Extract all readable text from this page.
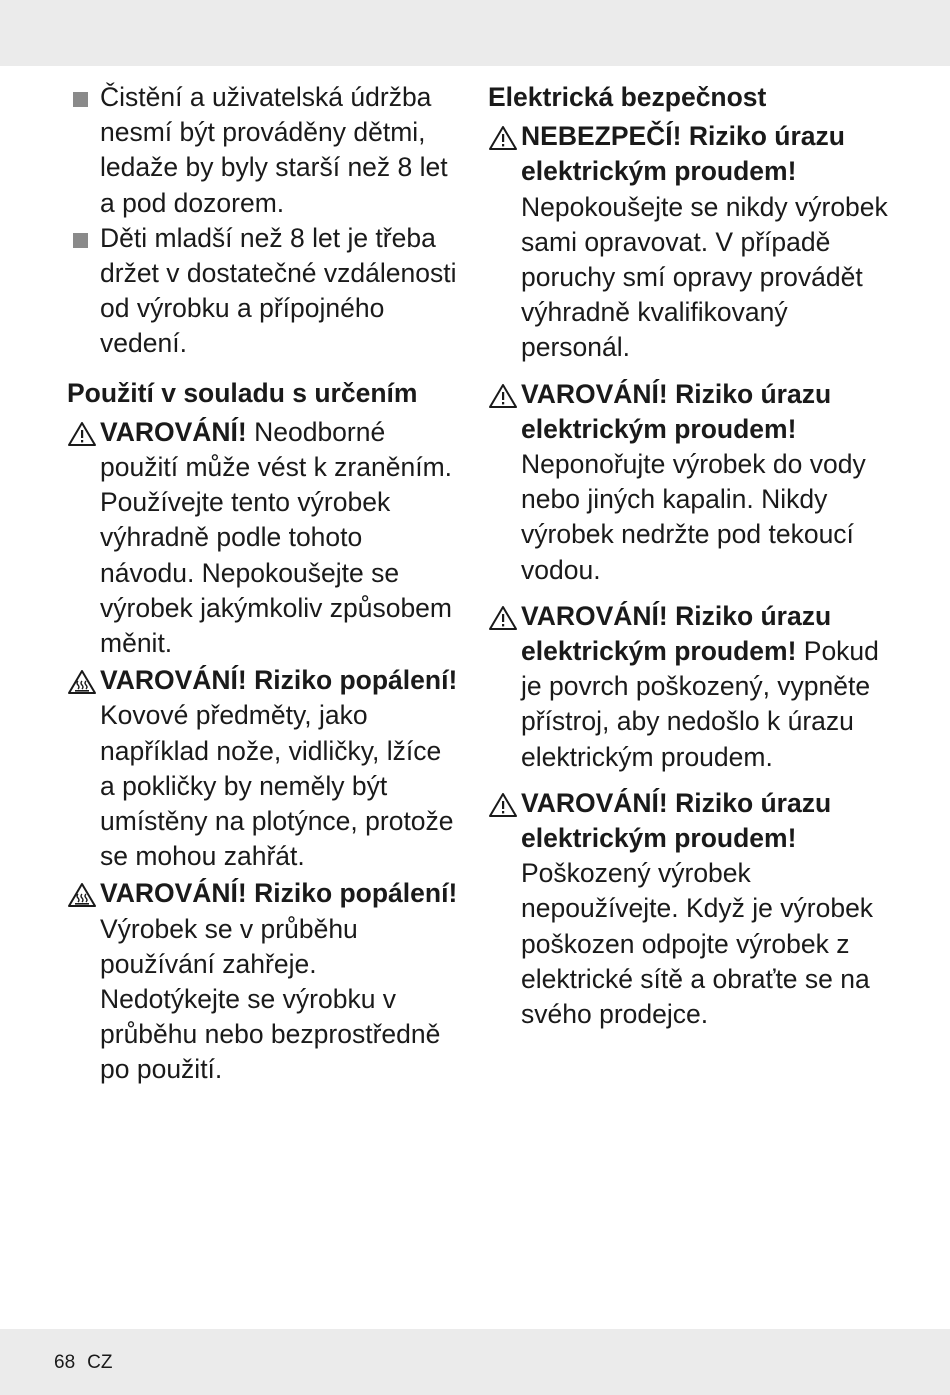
Čistění a uživatelská údržba nesmí být prováděny dětmi, ledaže by byly starší než 8 let a pod dozorem.
Děti mladší než 8 let je třeba držet v dostatečné vzdálenosti od výrobku a přípojného vedení.
Použití v souladu s určením
VAROVÁNÍ! Neodborné použití může vést k zraněním. Používejte tento výrobek výhradně podle tohoto návodu. Nepokoušejte se výrobek jakýmkoliv způsobem měnit.
VAROVÁNÍ! Riziko popálení! Kovové předměty, jako například nože, vidličky, lžíce a pokličky by neměly být umístěny na plotýnce, protože se mohou zahřát.
VAROVÁNÍ! Riziko popálení! Výrobek se v průběhu používání zahřeje. Nedotýkejte se výrobku v průběhu nebo bezprostředně po použití.
Elektrická bezpečnost
NEBEZPEČÍ! Riziko úrazu elektrickým proudem! Nepokoušejte se nikdy výrobek sami opravovat. V případě poruchy smí opravy provádět výhradně kvalifikovaný personál.
VAROVÁNÍ! Riziko úrazu elektrickým proudem! Neponořujte výrobek do vody nebo jiných kapalin. Nikdy výrobek nedržte pod tekoucí vodou.
VAROVÁNÍ! Riziko úrazu elektrickým proudem! Pokud je povrch poškozený, vypněte přístroj, aby nedošlo k úrazu elektrickým proudem.
VAROVÁNÍ! Riziko úrazu elektrickým proudem! Poškozený výrobek nepoužívejte. Když je výrobek poškozen odpojte výrobek z elektrické sítě a obraťte se na svého prodejce.
68 CZ
